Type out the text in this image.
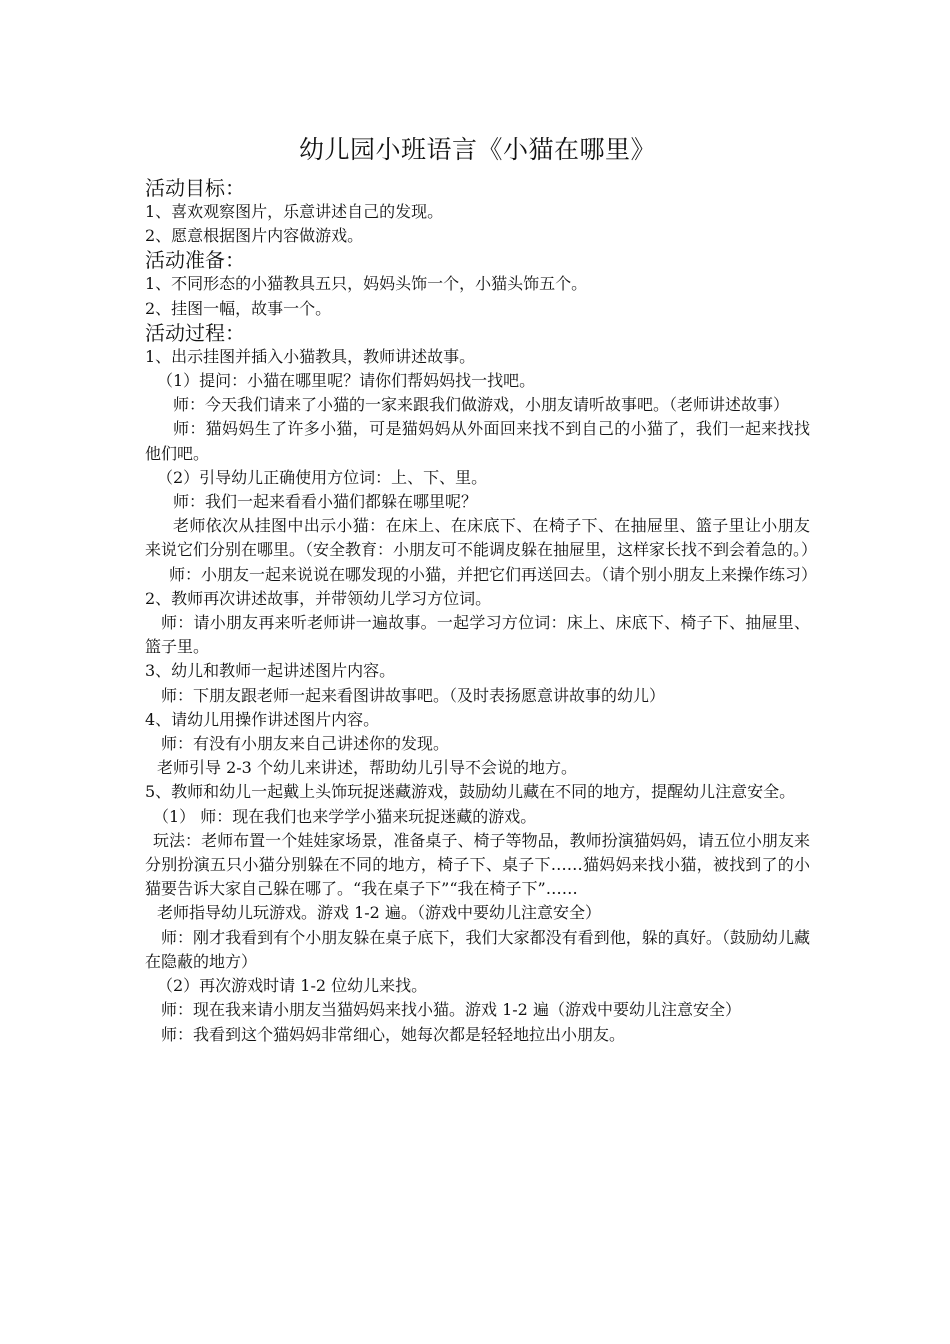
幼儿园小班语言《小猫在哪里》
活动目标：
1、喜欢观察图片，乐意讲述自己的发现。
2、愿意根据图片内容做游戏。
活动准备：
1、不同形态的小猫教具五只，妈妈头饰一个，小猫头饰五个。
2、挂图一幅，故事一个。
活动过程：
1、出示挂图并插入小猫教具，教师讲述故事。
（1）提问：小猫在哪里呢？请你们帮妈妈找一找吧。
师：今天我们请来了小猫的一家来跟我们做游戏，小朋友请听故事吧。（老师讲述故事）
师：猫妈妈生了许多小猫，可是猫妈妈从外面回来找不到自己的小猫了，我们一起来找找他们吧。
（2）引导幼儿正确使用方位词：上、下、里。
师：我们一起来看看小猫们都躲在哪里呢？
老师依次从挂图中出示小猫：在床上、在床底下、在椅子下、在抽屉里、篮子里让小朋友来说它们分别在哪里。（安全教育：小朋友可不能调皮躲在抽屉里，这样家长找不到会着急的。）
师：小朋友一起来说说在哪发现的小猫，并把它们再送回去。（请个别小朋友上来操作练习）
2、教师再次讲述故事，并带领幼儿学习方位词。
师：请小朋友再来听老师讲一遍故事。一起学习方位词：床上、床底下、椅子下、抽屉里、篮子里。
3、幼儿和教师一起讲述图片内容。
师：下朋友跟老师一起来看图讲故事吧。（及时表扬愿意讲故事的幼儿）
4、请幼儿用操作讲述图片内容。
师：有没有小朋友来自己讲述你的发现。
老师引导 2-3 个幼儿来讲述，帮助幼儿引导不会说的地方。
5、教师和幼儿一起戴上头饰玩捉迷藏游戏，鼓励幼儿藏在不同的地方，提醒幼儿注意安全。
（1） 师：现在我们也来学学小猫来玩捉迷藏的游戏。
玩法：老师布置一个娃娃家场景，准备桌子、椅子等物品，教师扮演猫妈妈，请五位小朋友来分别扮演五只小猫分别躲在不同的地方，椅子下、桌子下……猫妈妈来找小猫，被找到了的小猫要告诉大家自己躲在哪了。“我在桌子下”“我在椅子下”……
老师指导幼儿玩游戏。游戏 1-2 遍。（游戏中要幼儿注意安全）
师：刚才我看到有个小朋友躲在桌子底下，我们大家都没有看到他，躲的真好。（鼓励幼儿藏在隐蔽的地方）
（2）再次游戏时请 1-2 位幼儿来找。
师：现在我来请小朋友当猫妈妈来找小猫。游戏 1-2 遍（游戏中要幼儿注意安全）
师：我看到这个猫妈妈非常细心，她每次都是轻轻地拉出小朋友。
